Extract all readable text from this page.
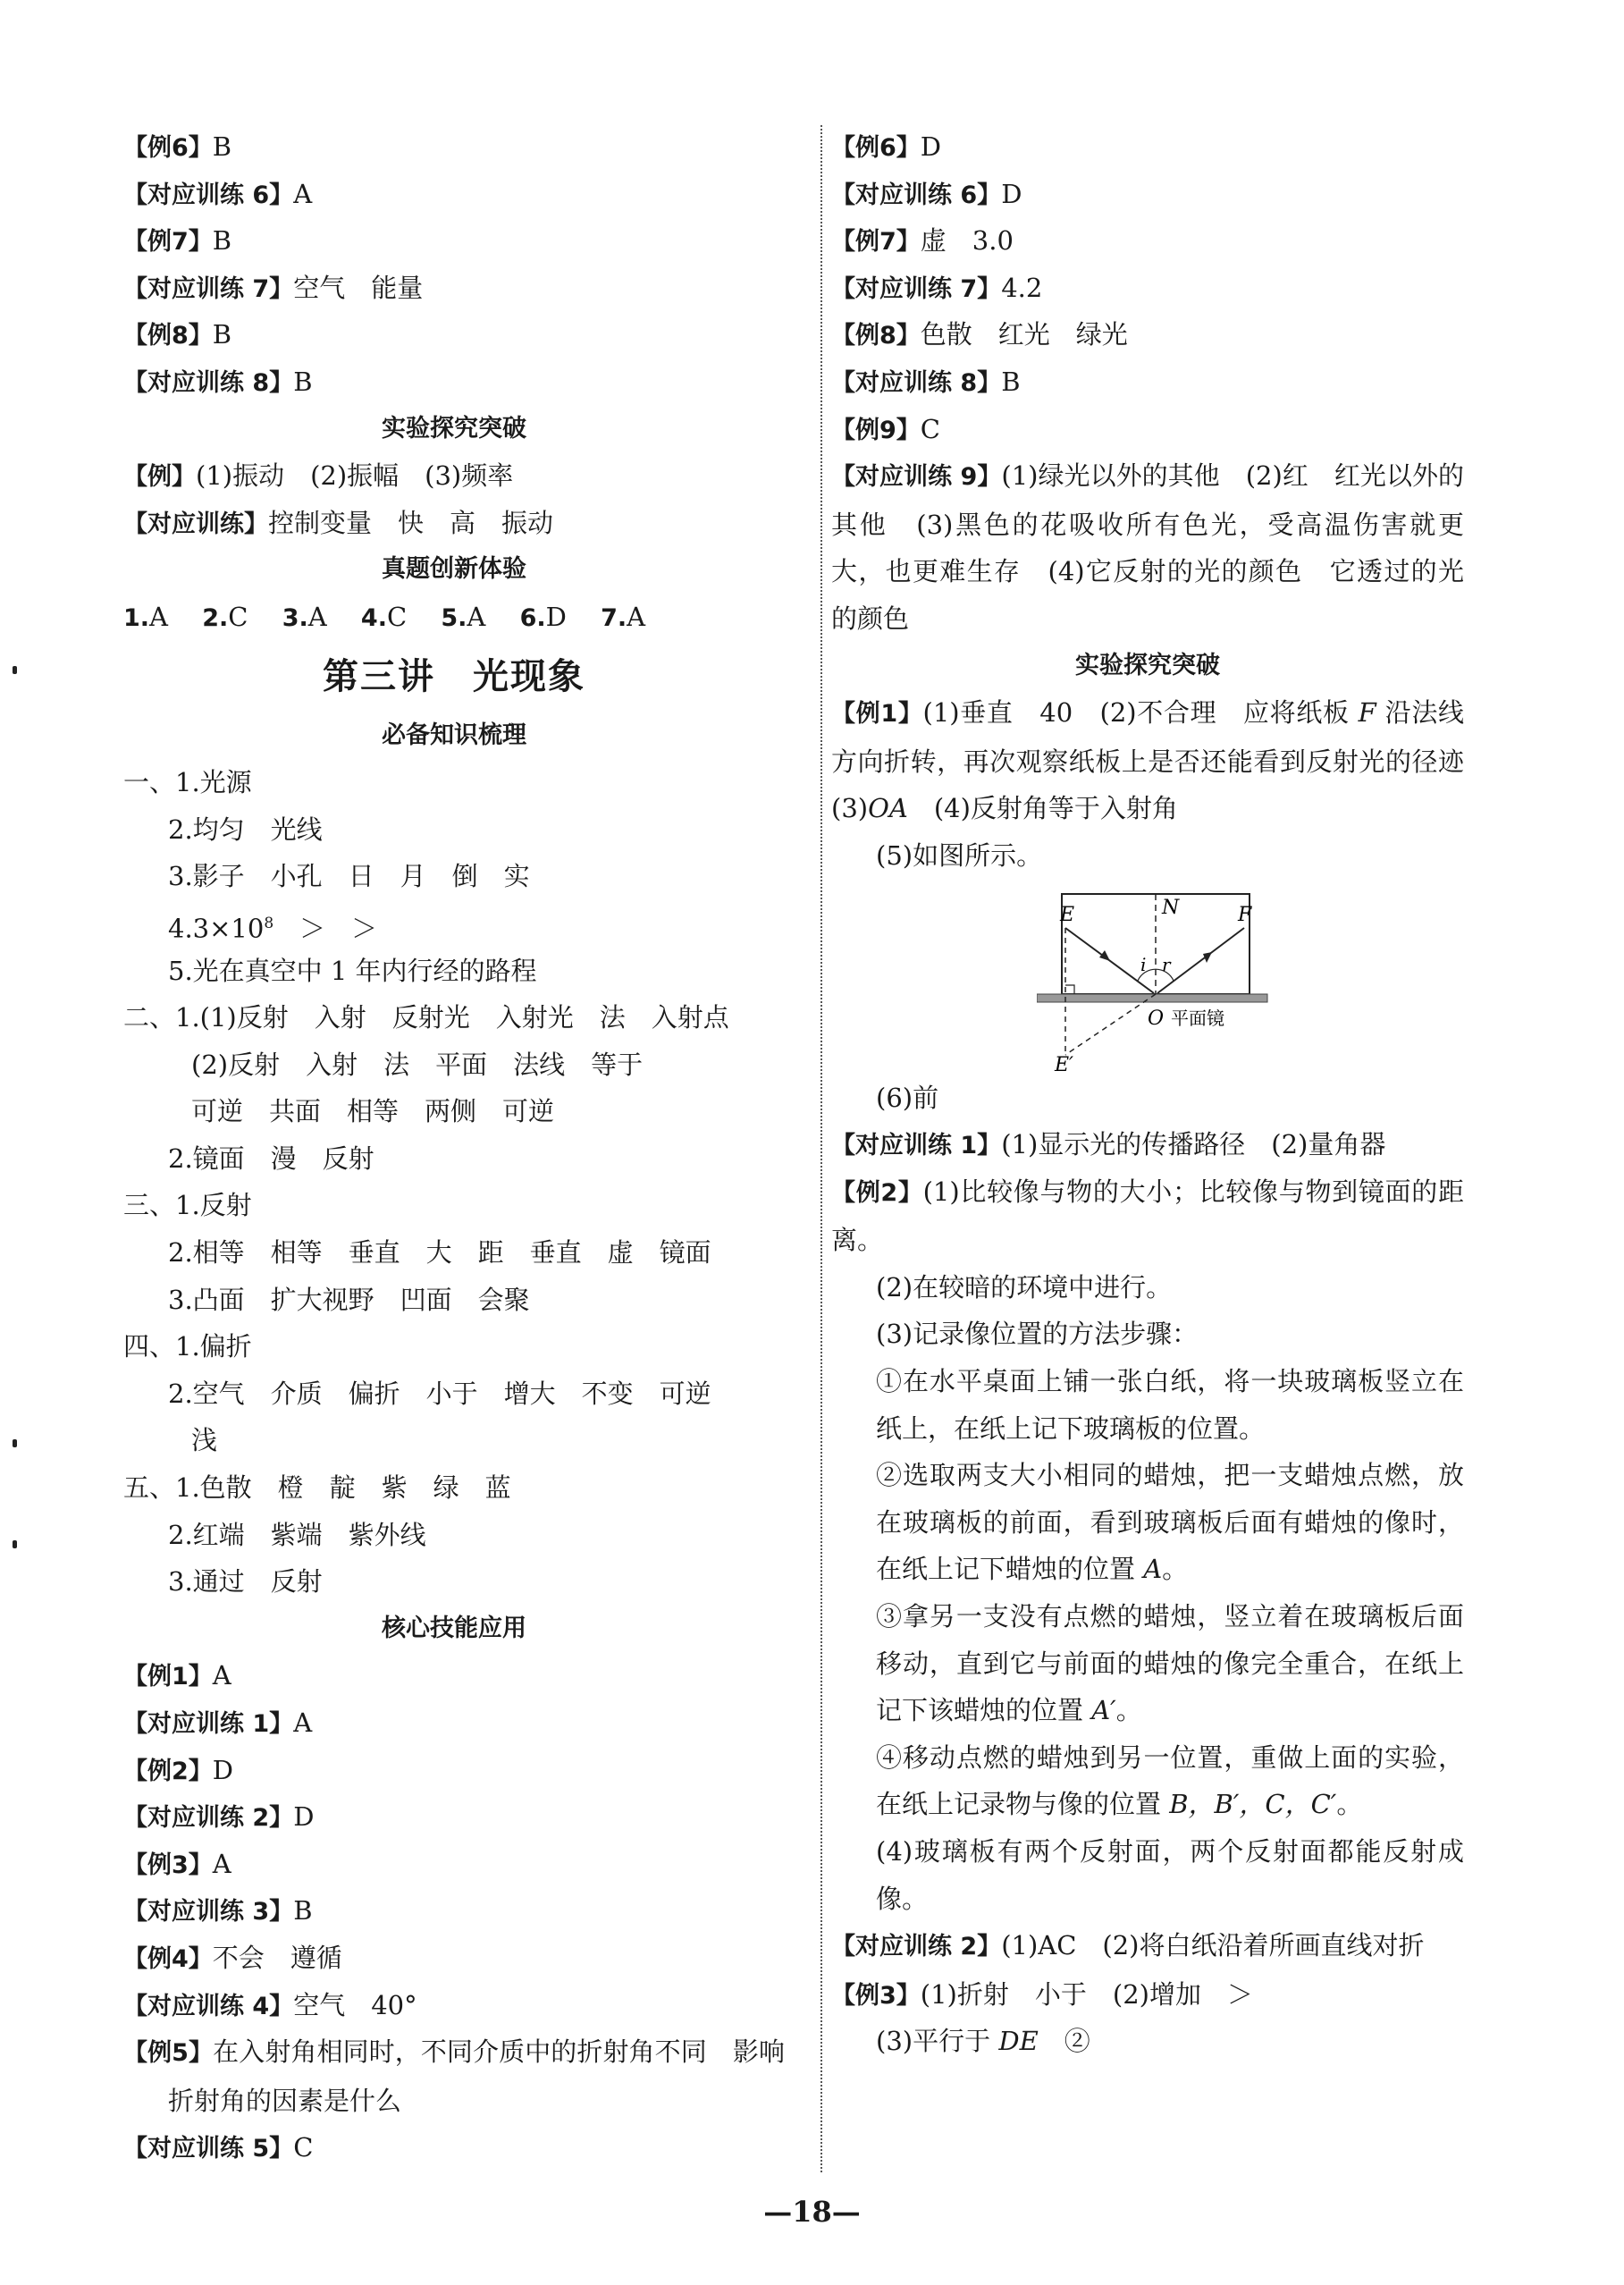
【例6】B
【对应训练 6】A
【例7】B
【对应训练 7】空气　能量
【例8】B
【对应训练 8】B
实验探究突破
【例】(1)振动　(2)振幅　(3)频率
【对应训练】控制变量　快　高　振动
真题创新体验
1.A　 2.C　 3.A　 4.C　 5.A　 6.D　 7.A
第三讲　光现象
必备知识梳理
一、1.光源
2.均匀　光线
3.影子　小孔　日　月　倒　实
$4.3\times 10^8$　＞　＞
5.光在真空中 1 年内行经的路程
二、1.(1)反射　入射　反射光　入射光　法　入射点
(2)反射　入射　法　平面　法线　等于
可逆　共面　相等　两侧　可逆
2.镜面　漫　反射
三、1.反射
2.相等　相等　垂直　大　距　垂直　虚　镜面
3.凸面　扩大视野　凹面　会聚
四、1.偏折
2.空气　介质　偏折　小于　增大　不变　可逆
浅
五、1.色散　橙　靛　紫　绿　蓝
2.红端　紫端　紫外线
3.通过　反射
核心技能应用
【例1】A
【对应训练 1】A
【例2】D
【对应训练 2】D
【例3】A
【对应训练 3】B
【例4】不会　遵循
【对应训练 4】空气　40°
【例5】在入射角相同时，不同介质中的折射角不同　影响折射角的因素是什么
【对应训练 5】C
【例6】D
【对应训练 6】D
【例7】虚　3.0
【对应训练 7】4.2
【例8】色散　红光　绿光
【对应训练 8】B
【例9】C
【对应训练 9】(1)绿光以外的其他　(2)红　红光以外的其他　(3)黑色的花吸收所有色光，受高温伤害就更大，也更难生存　(4)它反射的光的颜色　它透过的光的颜色
实验探究突破
【例1】(1)垂直　40　(2)不合理　应将纸板 F 沿法线方向折转，再次观察纸板上是否还能看到反射光的径迹　(3)OA　(4)反射角等于入射角
(5)如图所示。
E	N	F
i r
O 平面镜
E′
(6)前
【对应训练 1】(1)显示光的传播路径　(2)量角器
【例2】(1)比较像与物的大小；比较像与物到镜面的距离。
(2)在较暗的环境中进行。
(3)记录像位置的方法步骤：
①在水平桌面上铺一张白纸，将一块玻璃板竖立在纸上，在纸上记下玻璃板的位置。
②选取两支大小相同的蜡烛，把一支蜡烛点燃，放在玻璃板的前面，看到玻璃板后面有蜡烛的像时，在纸上记下蜡烛的位置 A。
③拿另一支没有点燃的蜡烛，竖立着在玻璃板后面移动，直到它与前面的蜡烛的像完全重合，在纸上记下该蜡烛的位置 A′。
④移动点燃的蜡烛到另一位置，重做上面的实验，在纸上记录物与像的位置 B，B′，C，C′。
(4)玻璃板有两个反射面，两个反射面都能反射成像。
【对应训练 2】(1)AC　(2)将白纸沿着所画直线对折
【例3】(1)折射　小于　(2)增加　＞
(3)平行于 DE　②
—18—
